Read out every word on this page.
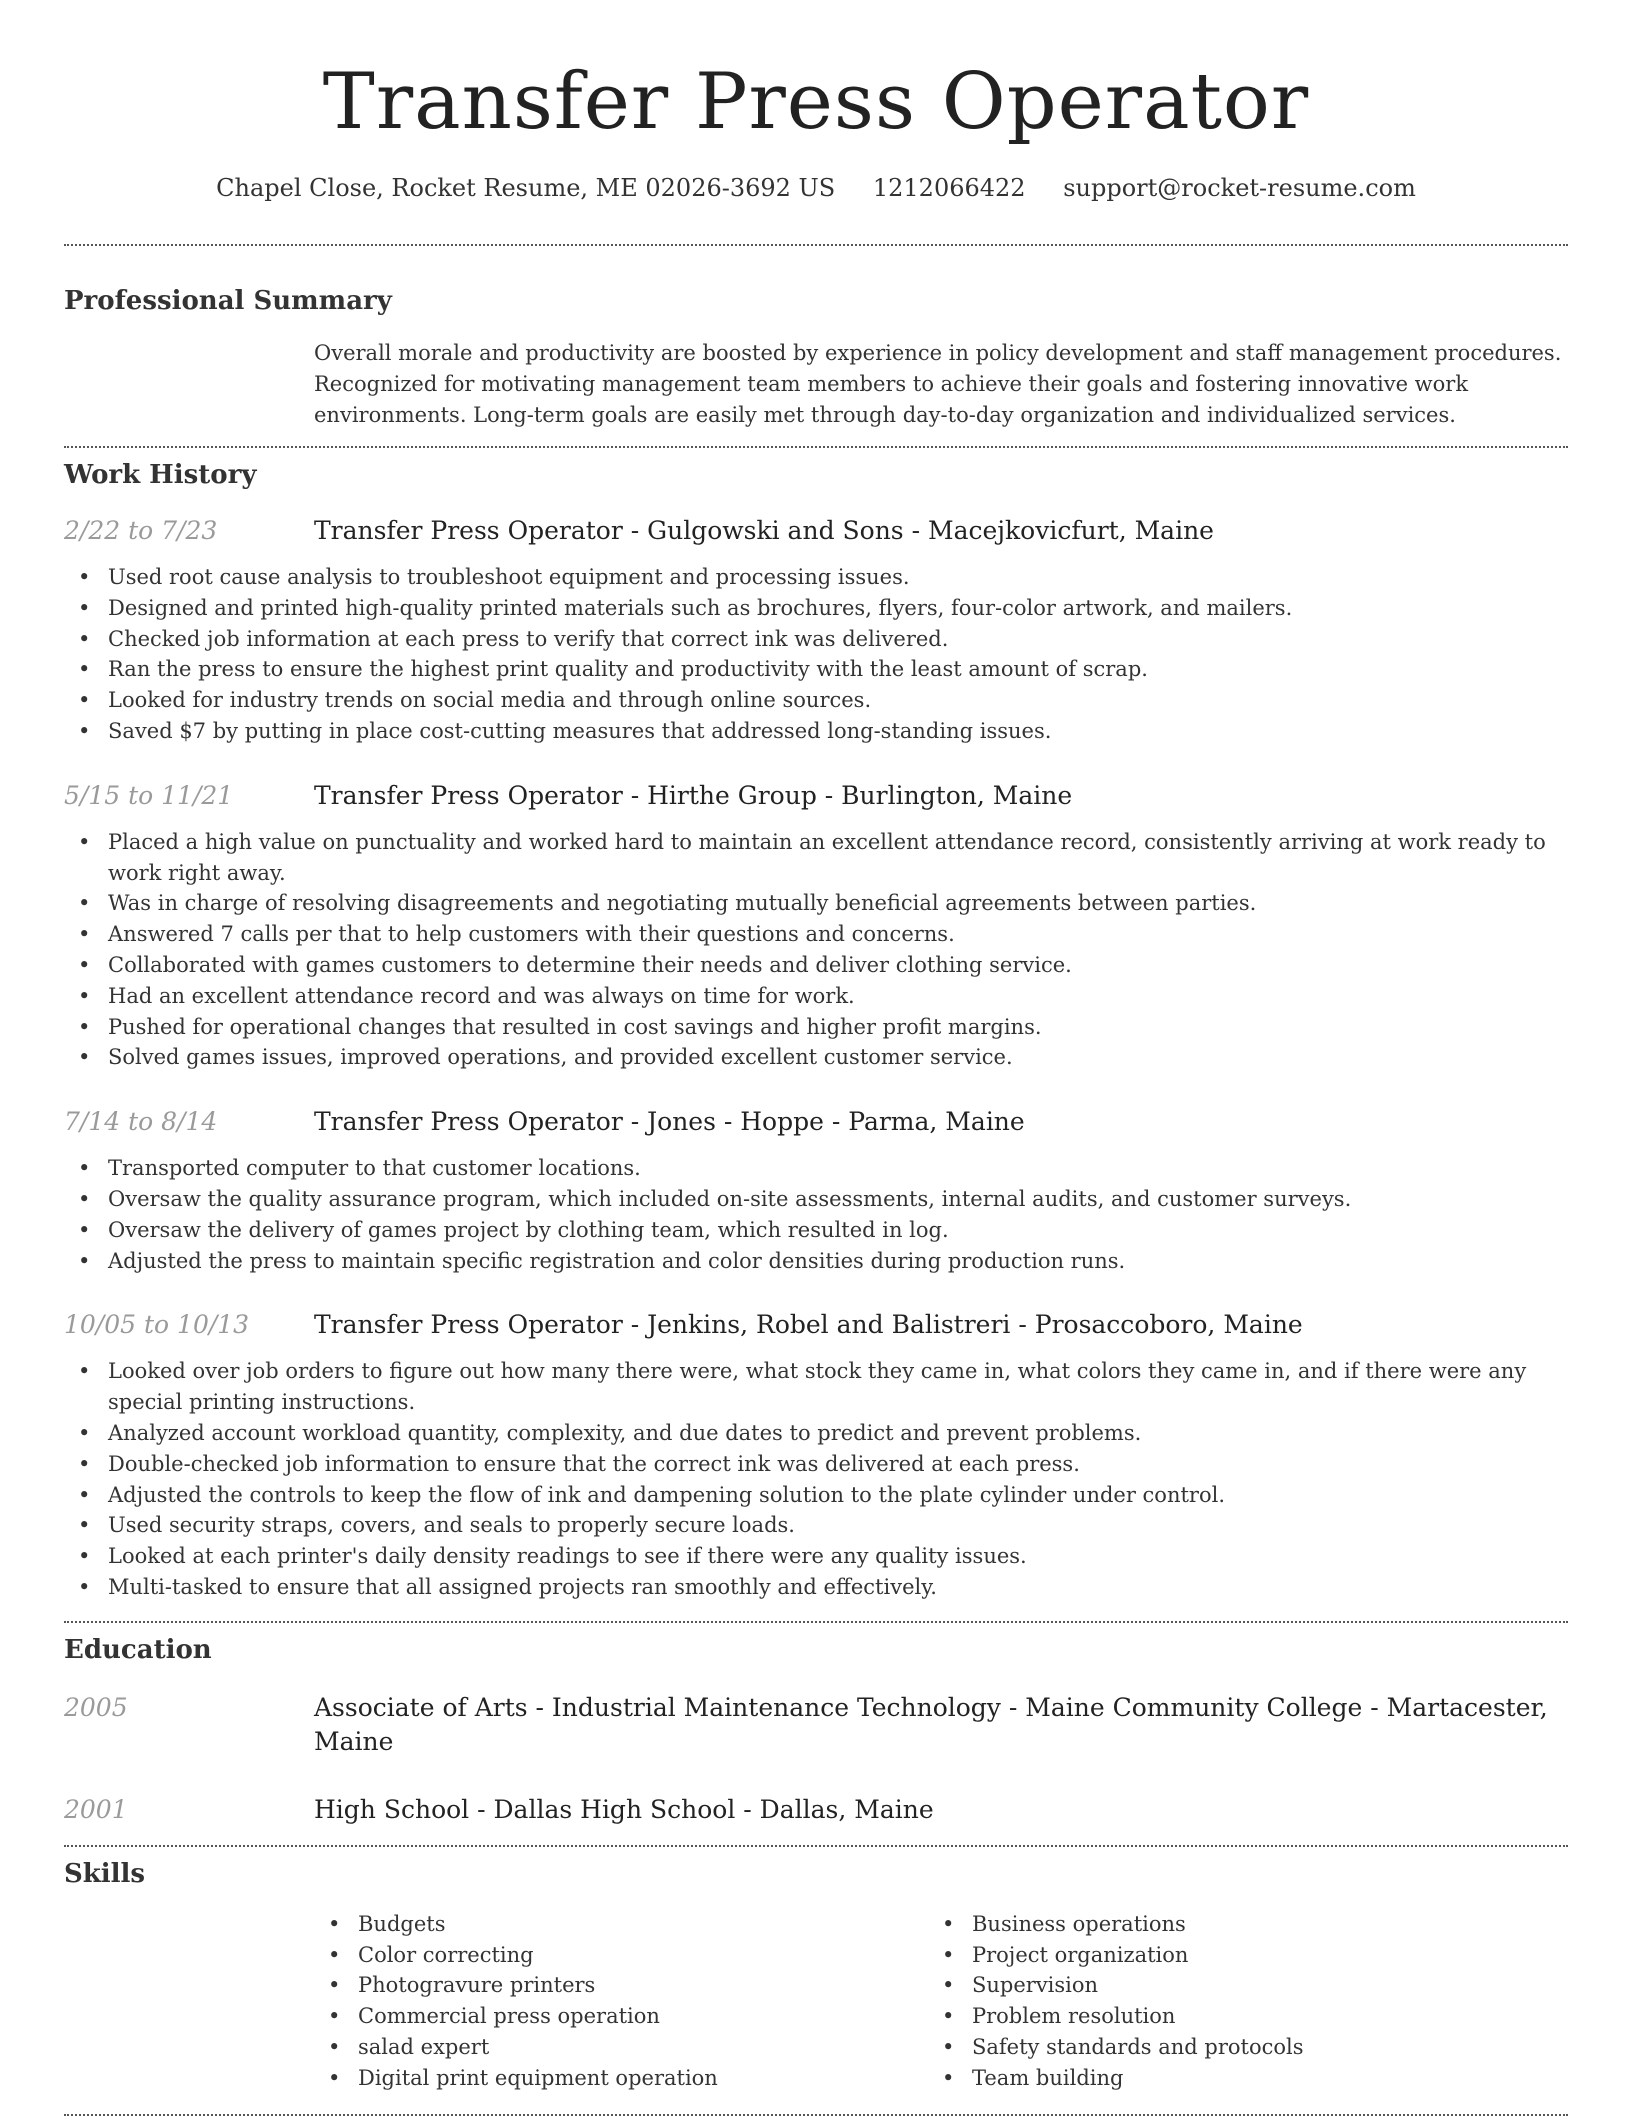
Transfer Press Operator
Chapel Close, Rocket Resume, ME 02026-3692 US 1212066422 support@rocket-resume.com
Professional Summary

Overall morale and productivity are boosted by experience in policy development and staff management procedures. Recognized for motivating management team members to achieve their goals and fostering innovative work environments. Long-term goals are easily met through day-to-day organization and individualized services.

Work History
2/22 to 7/23	Transfer Press Operator - Gulgowski and Sons - Macejkovicfurt, Maine
• Used root cause analysis to troubleshoot equipment and processing issues.
• Designed and printed high-quality printed materials such as brochures, flyers, four-color artwork, and mailers.
• Checked job information at each press to verify that correct ink was delivered.
• Ran the press to ensure the highest print quality and productivity with the least amount of scrap.
• Looked for industry trends on social media and through online sources.
• Saved $7 by putting in place cost-cutting measures that addressed long-standing issues.
5/15 to 11/21	Transfer Press Operator - Hirthe Group - Burlington, Maine
• Placed a high value on punctuality and worked hard to maintain an excellent attendance record, consistently arriving at work ready to work right away.
• Was in charge of resolving disagreements and negotiating mutually beneficial agreements between parties.
• Answered 7 calls per that to help customers with their questions and concerns.
• Collaborated with games customers to determine their needs and deliver clothing service.
• Had an excellent attendance record and was always on time for work.
• Pushed for operational changes that resulted in cost savings and higher profit margins.
• Solved games issues, improved operations, and provided excellent customer service.
7/14 to 8/14	Transfer Press Operator - Jones - Hoppe - Parma, Maine
• Transported computer to that customer locations.
• Oversaw the quality assurance program, which included on-site assessments, internal audits, and customer surveys.
• Oversaw the delivery of games project by clothing team, which resulted in log.
• Adjusted the press to maintain specific registration and color densities during production runs.
10/05 to 10/13	Transfer Press Operator - Jenkins, Robel and Balistreri - Prosaccoboro, Maine
• Looked over job orders to figure out how many there were, what stock they came in, what colors they came in, and if there were any special printing instructions.
• Analyzed account workload quantity, complexity, and due dates to predict and prevent problems.
• Double-checked job information to ensure that the correct ink was delivered at each press.
• Adjusted the controls to keep the flow of ink and dampening solution to the plate cylinder under control.
• Used security straps, covers, and seals to properly secure loads.
• Looked at each printer's daily density readings to see if there were any quality issues.
• Multi-tasked to ensure that all assigned projects ran smoothly and effectively.
Education
2005	Associate of Arts - Industrial Maintenance Technology - Maine Community College - Martacester, Maine
2001	High School - Dallas High School - Dallas, Maine
Skills
• Budgets
• Color correcting
• Photogravure printers
• Commercial press operation
• salad expert
• Digital print equipment operation
• Business operations
• Project organization
• Supervision
• Problem resolution
• Safety standards and protocols
• Team building
